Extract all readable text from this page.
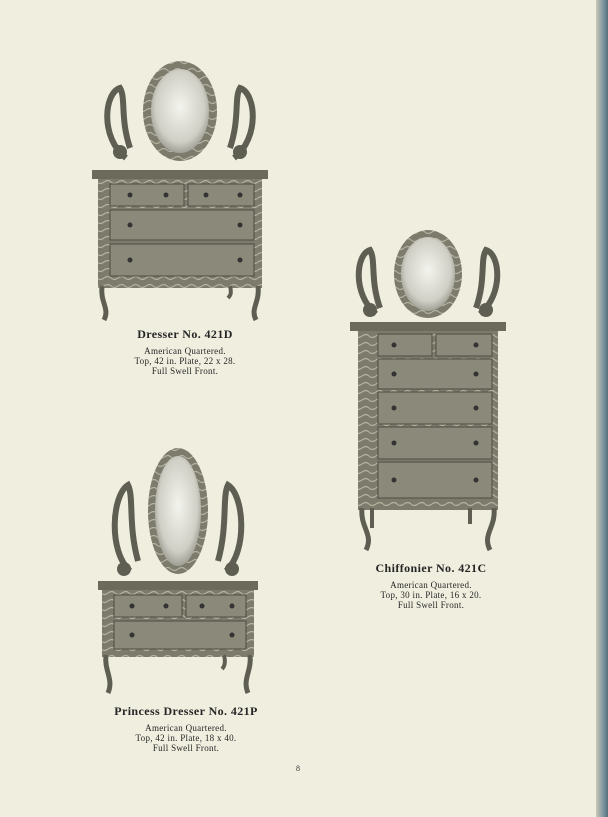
Dresser No. 421D
American Quartered.
Top, 42 in. Plate, 22 x 28.
Full Swell Front.
Chiffonier No. 421C
American Quartered.
Top, 30 in. Plate, 16 x 20.
Full Swell Front.
Princess Dresser No. 421P
American Quartered.
Top, 42 in. Plate, 18 x 40.
Full Swell Front.
8
